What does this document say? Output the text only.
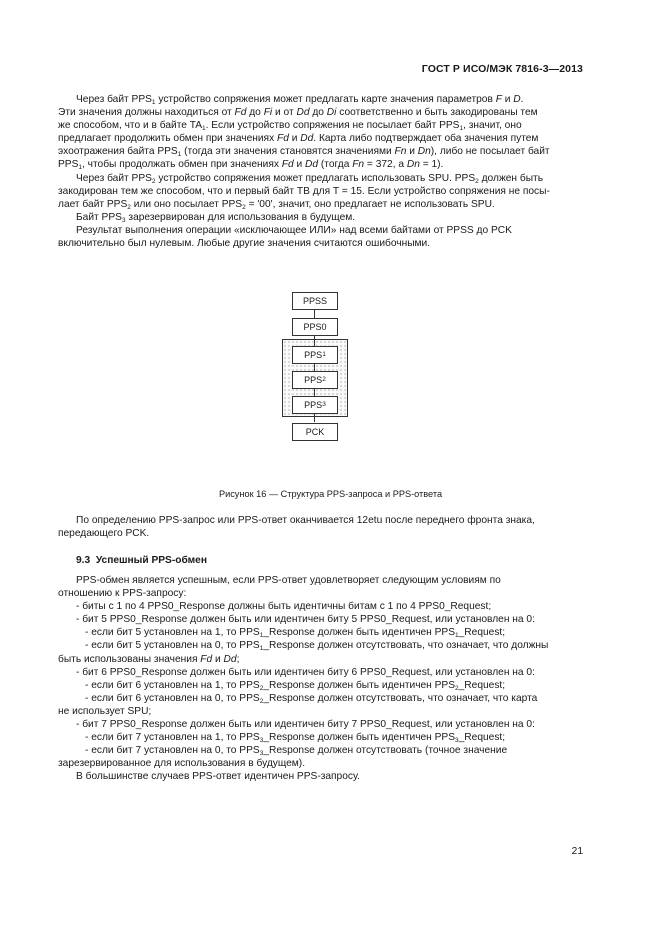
ГОСТ Р ИСО/МЭК 7816-3—2013

Через байт $PPS_1$ устройство сопряжения может предлагать карте значения параметров F и D.
Эти значения должны находиться от Fd до Fi и от Dd до Di соответственно и быть закодированы тем
же способом, что и в байте $TA_1$. Если устройство сопряжения не посылает байт $PPS_1$, значит, оно
предлагает продолжить обмен при значениях Fd и Dd. Карта либо подтверждает оба значения путем
эхоотражения байта $PPS_1$ (тогда эти значения становятся значениями Fn и Dn), либо не посылает байт
$PPS_1$, чтобы продолжать обмен при значениях Fd и Dd (тогда Fn = 372, а Dn = 1).

Через байт $PPS_2$ устройство сопряжения может предлагать использовать SPU. $PPS_2$ должен быть
закодирован тем же способом, что и первый байт TB для T = 15. Если устройство сопряжения не посы-
лает байт $PPS_2$ или оно посылает $PPS_2$ = '00', значит, оно предлагает не использовать SPU.

Байт $PPS_3$ зарезервирован для использования в будущем.

Результат выполнения операции «исключающее ИЛИ» над всеми байтами от PPSS до PCK
включительно был нулевым. Любые другие значения считаются ошибочными.

PPSS
PPS0
PPS 1
PPS 2
PPS 3
PCK
Рисунок 16 — Структура PPS-запроса и PPS-ответа

По определению PPS-запрос или PPS-ответ оканчивается 12etu после переднего фронта знака,
передающего PCK.

9.3 Успешный PPS-обмен

PPS-обмен является успешным, если PPS-ответ удовлетворяет следующим условиям по
отношению к PPS-запросу:

- биты с 1 по 4 PPS0_Response должны быть идентичны битам с 1 по 4 PPS0_Request;

- бит 5 PPS0_Response должен быть или идентичен биту 5 PPS0_Request, или установлен на 0:

- если бит 5 установлен на 1, то $PPS_1\_Response$ должен быть идентичен $PPS_1\_Request$;

- если бит 5 установлен на 0, то $PPS_1\_Response$ должен отсутствовать, что означает, что должны

быть использованы значения Fd и Dd;

- бит 6 PPS0_Response должен быть или идентичен биту 6 PPS0_Request, или установлен на 0:

- если бит 6 установлен на 1, то $PPS_2\_Response$ должен быть идентичен $PPS_2\_Request$;

- если бит 6 установлен на 0, то $PPS_2\_Response$ должен отсутствовать, что означает, что карта

не использует SPU;

- бит 7 PPS0_Response должен быть или идентичен биту 7 PPS0_Request, или установлен на 0:

- если бит 7 установлен на 1, то $PPS_3\_Response$ должен быть идентичен $PPS_3\_Request$;

- если бит 7 установлен на 0, то $PPS_3\_Response$ должен отсутствовать (точное значение

зарезервированное для использования в будущем).

В большинстве случаев PPS-ответ идентичен PPS-запросу.

21
